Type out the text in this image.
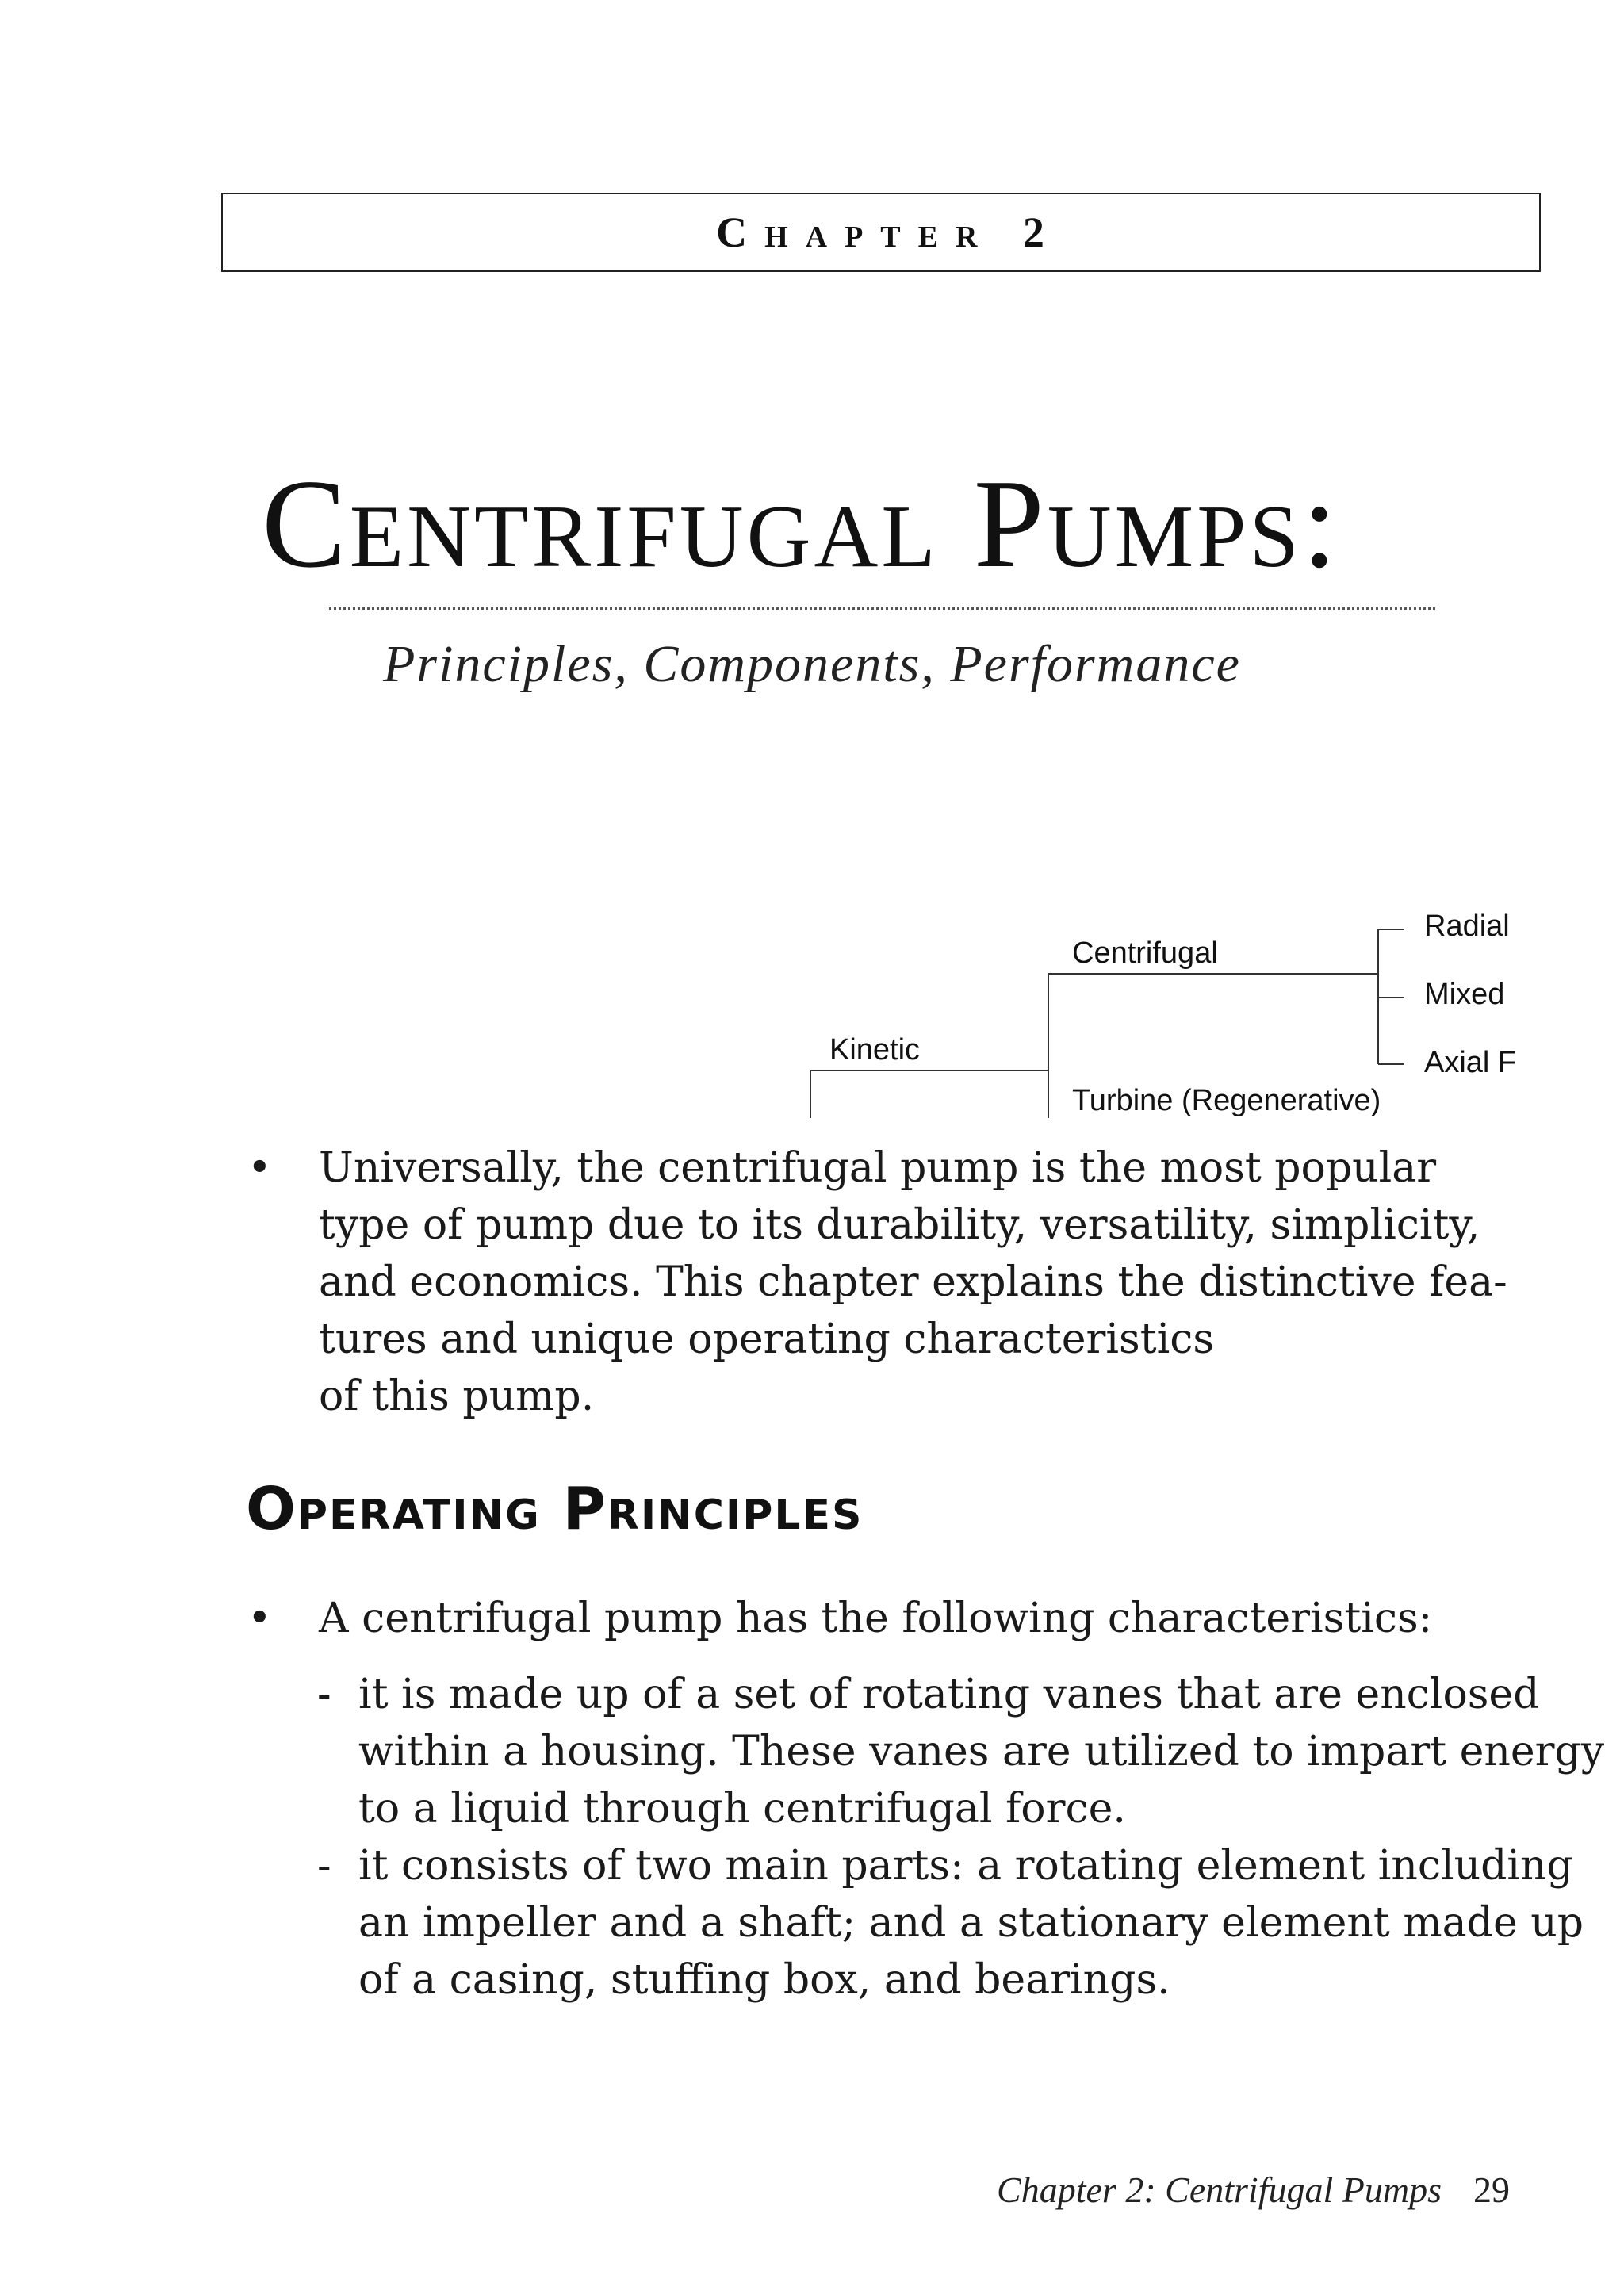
Chapter 2
Centrifugal Pumps:
Principles, Components, Performance
Kinetic
Centrifugal
Turbine (Regenerative)
Radial
Mixed
Axial F
• Universally, the centrifugal pump is the most popular
type of pump due to its durability, versatility, simplicity,
and economics. This chapter explains the distinctive fea-
tures and unique operating characteristics
of this pump.
Operating Principles
• A centrifugal pump has the following characteristics:
- it is made up of a set of rotating vanes that are enclosed
within a housing. These vanes are utilized to impart energy
to a liquid through centrifugal force.
- it consists of two main parts: a rotating element including
an impeller and a shaft; and a stationary element made up
of a casing, stuffing box, and bearings.
Chapter 2: Centrifugal Pumps 29
